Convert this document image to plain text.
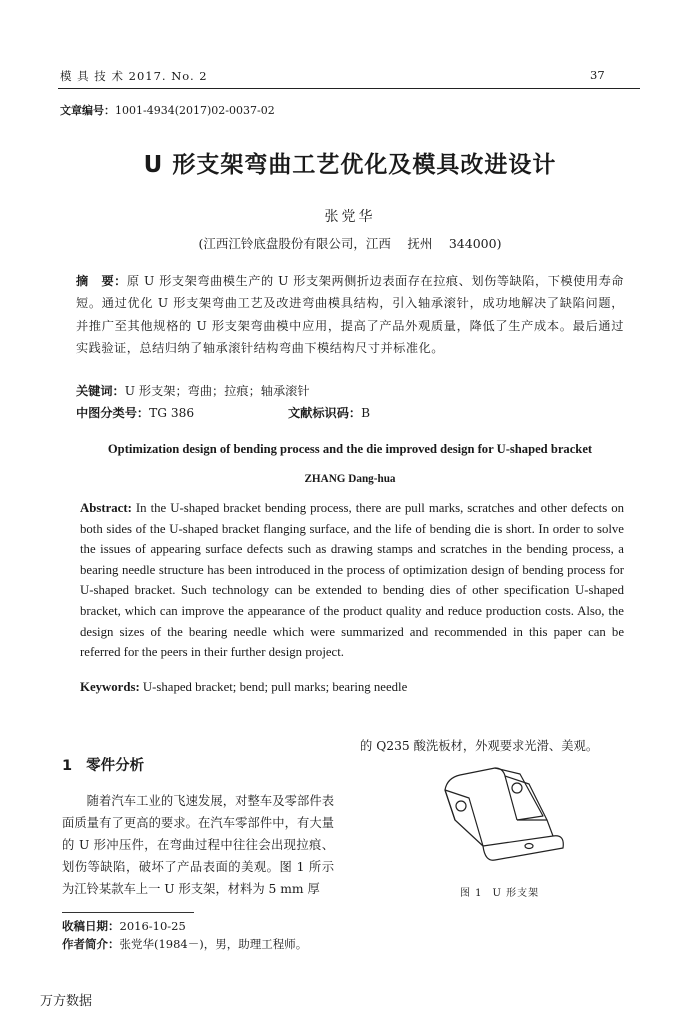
模 具 技 术 2017. No. 2	37
文章编号：1001-4934(2017)02-0037-02
U 形支架弯曲工艺优化及模具改进设计
张党华
(江西江铃底盘股份有限公司，江西　 抚州　 344000)
摘　要：原 U 形支架弯曲模生产的 U 形支架两侧折边表面存在拉痕、划伤等缺陷，下模使用寿命短。通过优化 U 形支架弯曲工艺及改进弯曲模具结构，引入轴承滚针，成功地解决了缺陷问题，并推广至其他规格的 U 形支架弯曲模中应用，提高了产品外观质量，降低了生产成本。最后通过实践验证，总结归纳了轴承滚针结构弯曲下模结构尺寸并标准化。
关键词：U 形支架；弯曲；拉痕；轴承滚针
中图分类号：TG 386	文献标识码：B
Optimization design of bending process and the die improved design for U-shaped bracket
ZHANG Dang-hua
Abstract: In the U-shaped bracket bending process, there are pull marks, scratches and other defects on both sides of the U-shaped bracket flanging surface, and the life of bending die is short. In order to solve the issues of appearing surface defects such as drawing stamps and scratches in the bending process, a bearing needle structure has been introduced in the process of optimization design of bending process for U-shaped bracket. Such technology can be extended to bending dies of other specification U-shaped bracket, which can improve the appearance of the product quality and reduce production costs. Also, the design sizes of the bearing needle which were summarized and recommended in this paper can be referred for the peers in their further design project.
Keywords: U-shaped bracket; bend; pull marks; bearing needle
的 Q235 酸洗板材，外观要求光滑、美观。
1 零件分析

随着汽车工业的飞速发展，对整车及零部件表面质量有了更高的要求。在汽车零部件中，有大量的 U 形冲压件，在弯曲过程中往往会出现拉痕、划伤等缺陷，破坏了产品表面的美观。图 1 所示为江铃某款车上一 U 形支架，材料为 5 mm 厚	图 1 U 形支架
收稿日期：2016-10-25
作者简介：张党华(1984－)，男，助理工程师。
万方数据
